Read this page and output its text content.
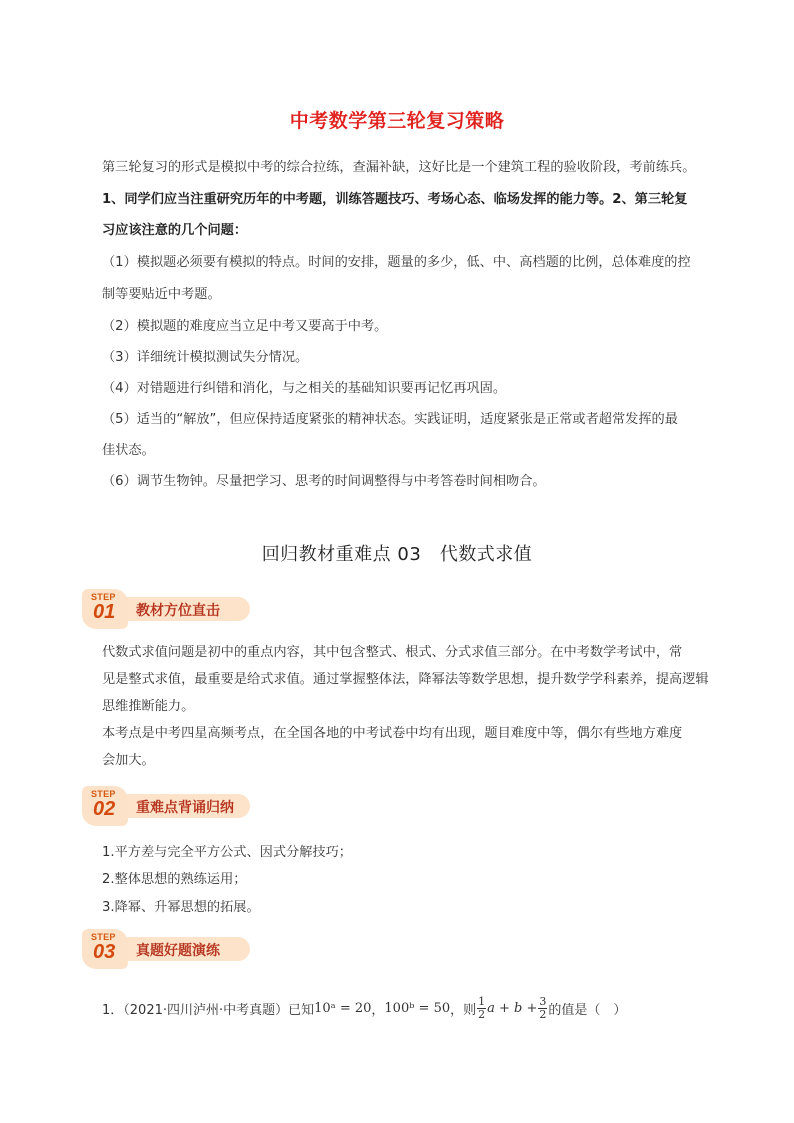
中考数学第三轮复习策略
第三轮复习的形式是模拟中考的综合拉练，查漏补缺，这好比是一个建筑工程的验收阶段，考前练兵。
1、同学们应当注重研究历年的中考题，训练答题技巧、考场心态、临场发挥的能力等。2、第三轮复
习应该注意的几个问题：
（1）模拟题必须要有模拟的特点。时间的安排，题量的多少，低、中、高档题的比例，总体难度的控
制等要贴近中考题。
（2）模拟题的难度应当立足中考又要高于中考。
（3）详细统计模拟测试失分情况。
（4）对错题进行纠错和消化，与之相关的基础知识要再记忆再巩固。
（5）适当的“解放”，但应保持适度紧张的精神状态。实践证明，适度紧张是正常或者超常发挥的最
佳状态。
（6）调节生物钟。尽量把学习、思考的时间调整得与中考答卷时间相吻合。
回归教材重难点 03　代数式求值
教材方位直击
STEP
01
代数式求值问题是初中的重点内容，其中包含整式、根式、分式求值三部分。在中考数学考试中，常
见是整式求值，最重要是给式求值。通过掌握整体法，降幂法等数学思想，提升数学学科素养，提高逻辑
思维推断能力。
本考点是中考四星高频考点，在全国各地的中考试卷中均有出现，题目难度中等，偶尔有些地方难度
会加大。
重难点背诵归纳
STEP
02
1.平方差与完全平方公式、因式分解技巧；
2.整体思想的熟练运用；
3.降幂、升幂思想的拓展。
真题好题演练
STEP
03
1．（2021·四川泸州·中考真题）已知 10ᵃ = 20 ， 100ᵇ = 50 ，则 $\frac{1}{2}$ $a + b + \frac{3}{2}$ 的值是（　）
